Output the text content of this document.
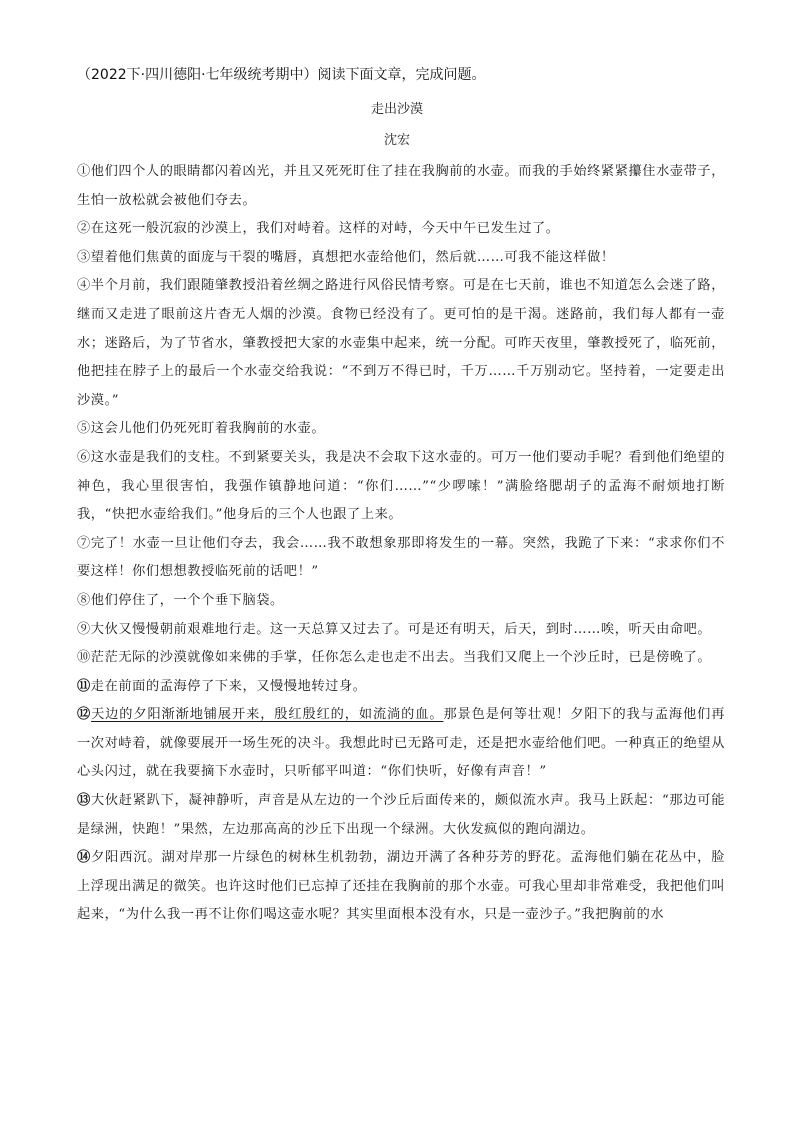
（2022下·四川德阳·七年级统考期中）阅读下面文章，完成问题。
走出沙漠
沈宏

①他们四个人的眼睛都闪着凶光，并且又死死盯住了挂在我胸前的水壶。而我的手始终紧紧攥住水壶带子，生怕一放松就会被他们夺去。

②在这死一般沉寂的沙漠上，我们对峙着。这样的对峙，今天中午已发生过了。

③望着他们焦黄的面庞与干裂的嘴唇，真想把水壶给他们，然后就……可我不能这样做！

④半个月前，我们跟随肇教授沿着丝绸之路进行风俗民情考察。可是在七天前，谁也不知道怎么会迷了路，继而又走进了眼前这片杳无人烟的沙漠。食物已经没有了。更可怕的是干渴。迷路前，我们每人都有一壶水；迷路后，为了节省水，肇教授把大家的水壶集中起来，统一分配。可昨天夜里，肇教授死了，临死前，他把挂在脖子上的最后一个水壶交给我说：“不到万不得已时，千万……千万别动它。坚持着，一定要走出沙漠。”

⑤这会儿他们仍死死盯着我胸前的水壶。

⑥这水壶是我们的支柱。不到紧要关头，我是决不会取下这水壶的。可万一他们要动手呢？看到他们绝望的神色，我心里很害怕，我强作镇静地问道：“你们……”“少啰嗦！”满脸络腮胡子的孟海不耐烦地打断我，“快把水壶给我们。”他身后的三个人也跟了上来。

⑦完了！水壶一旦让他们夺去，我会……我不敢想象那即将发生的一幕。突然，我跪了下来：“求求你们不要这样！你们想想教授临死前的话吧！”

⑧他们停住了，一个个垂下脑袋。

⑨大伙又慢慢朝前艰难地行走。这一天总算又过去了。可是还有明天，后天，到时……唉，听天由命吧。

⑩茫茫无际的沙漠就像如来佛的手掌，任你怎么走也走不出去。当我们又爬上一个沙丘时，已是傍晚了。

⑪走在前面的孟海停了下来，又慢慢地转过身。

⑫天边的夕阳渐渐地铺展开来，殷红殷红的，如流淌的血。那景色是何等壮观！夕阳下的我与孟海他们再一次对峙着，就像要展开一场生死的决斗。我想此时已无路可走，还是把水壶给他们吧。一种真正的绝望从心头闪过，就在我要摘下水壶时，只听郁平叫道：“你们快听，好像有声音！”

⑬大伙赶紧趴下，凝神静听，声音是从左边的一个沙丘后面传来的，颇似流水声。我马上跃起：“那边可能是绿洲，快跑！”果然，左边那高高的沙丘下出现一个绿洲。大伙发疯似的跑向湖边。

⑭夕阳西沉。湖对岸那一片绿色的树林生机勃勃，湖边开满了各种芬芳的野花。孟海他们躺在花丛中，脸上浮现出满足的微笑。也许这时他们已忘掉了还挂在我胸前的那个水壶。可我心里却非常难受，我把他们叫起来，“为什么我一再不让你们喝这壶水呢？其实里面根本没有水，只是一壶沙子。”我把胸前的水
